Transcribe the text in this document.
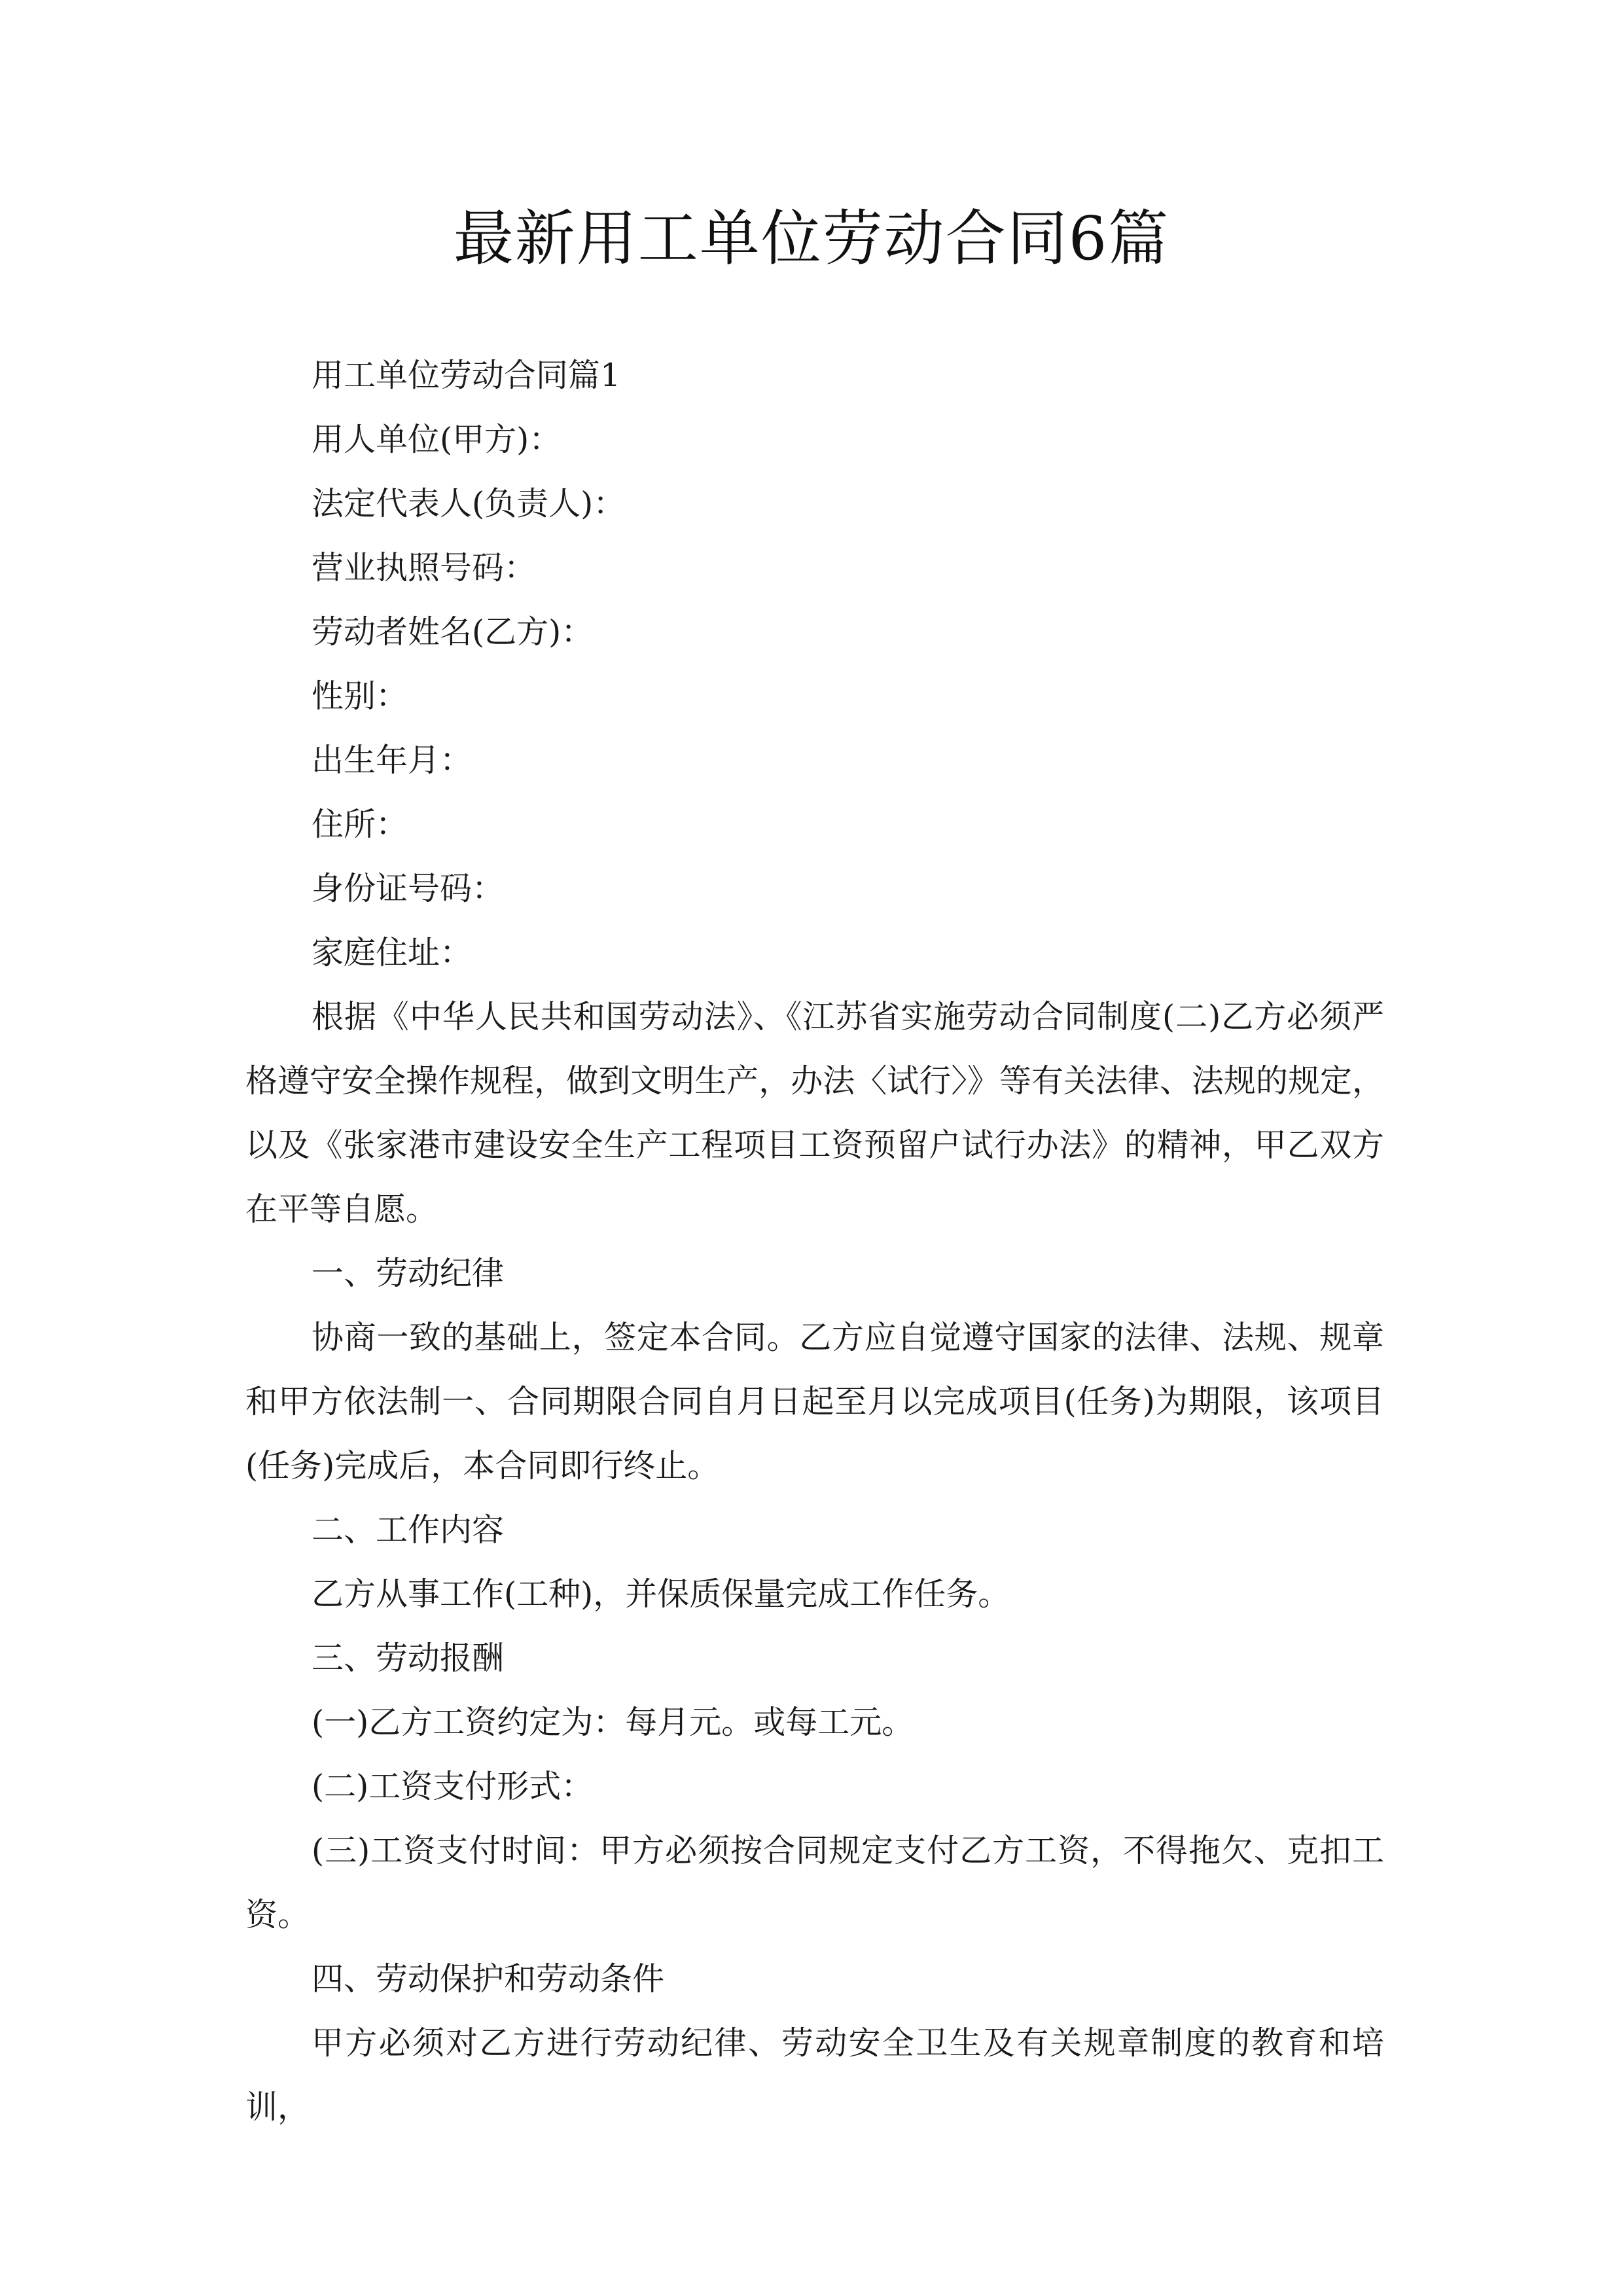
最新用工单位劳动合同6篇

用工单位劳动合同篇1

用人单位(甲方)：

法定代表人(负责人)：

营业执照号码：

劳动者姓名(乙方)：

性别：

出生年月：

住所：

身份证号码：

家庭住址：

根据《中华人民共和国劳动法》、《江苏省实施劳动合同制度(二)乙方必须严格遵守安全操作规程，做到文明生产，办法〈试行〉》等有关法律、法规的规定，以及《张家港市建设安全生产工程项目工资预留户试行办法》的精神，甲乙双方在平等自愿。

一、劳动纪律

协商一致的基础上，签定本合同。乙方应自觉遵守国家的法律、法规、规章和甲方依法制一、合同期限合同自月日起至月以完成项目(任务)为期限，该项目(任务)完成后，本合同即行终止。

二、工作内容

乙方从事工作(工种)，并保质保量完成工作任务。

三、劳动报酬

(一)乙方工资约定为：每月元。或每工元。

(二)工资支付形式：

(三)工资支付时间：甲方必须按合同规定支付乙方工资，不得拖欠、克扣工资。

四、劳动保护和劳动条件

甲方必须对乙方进行劳动纪律、劳动安全卫生及有关规章制度的教育和培训，
